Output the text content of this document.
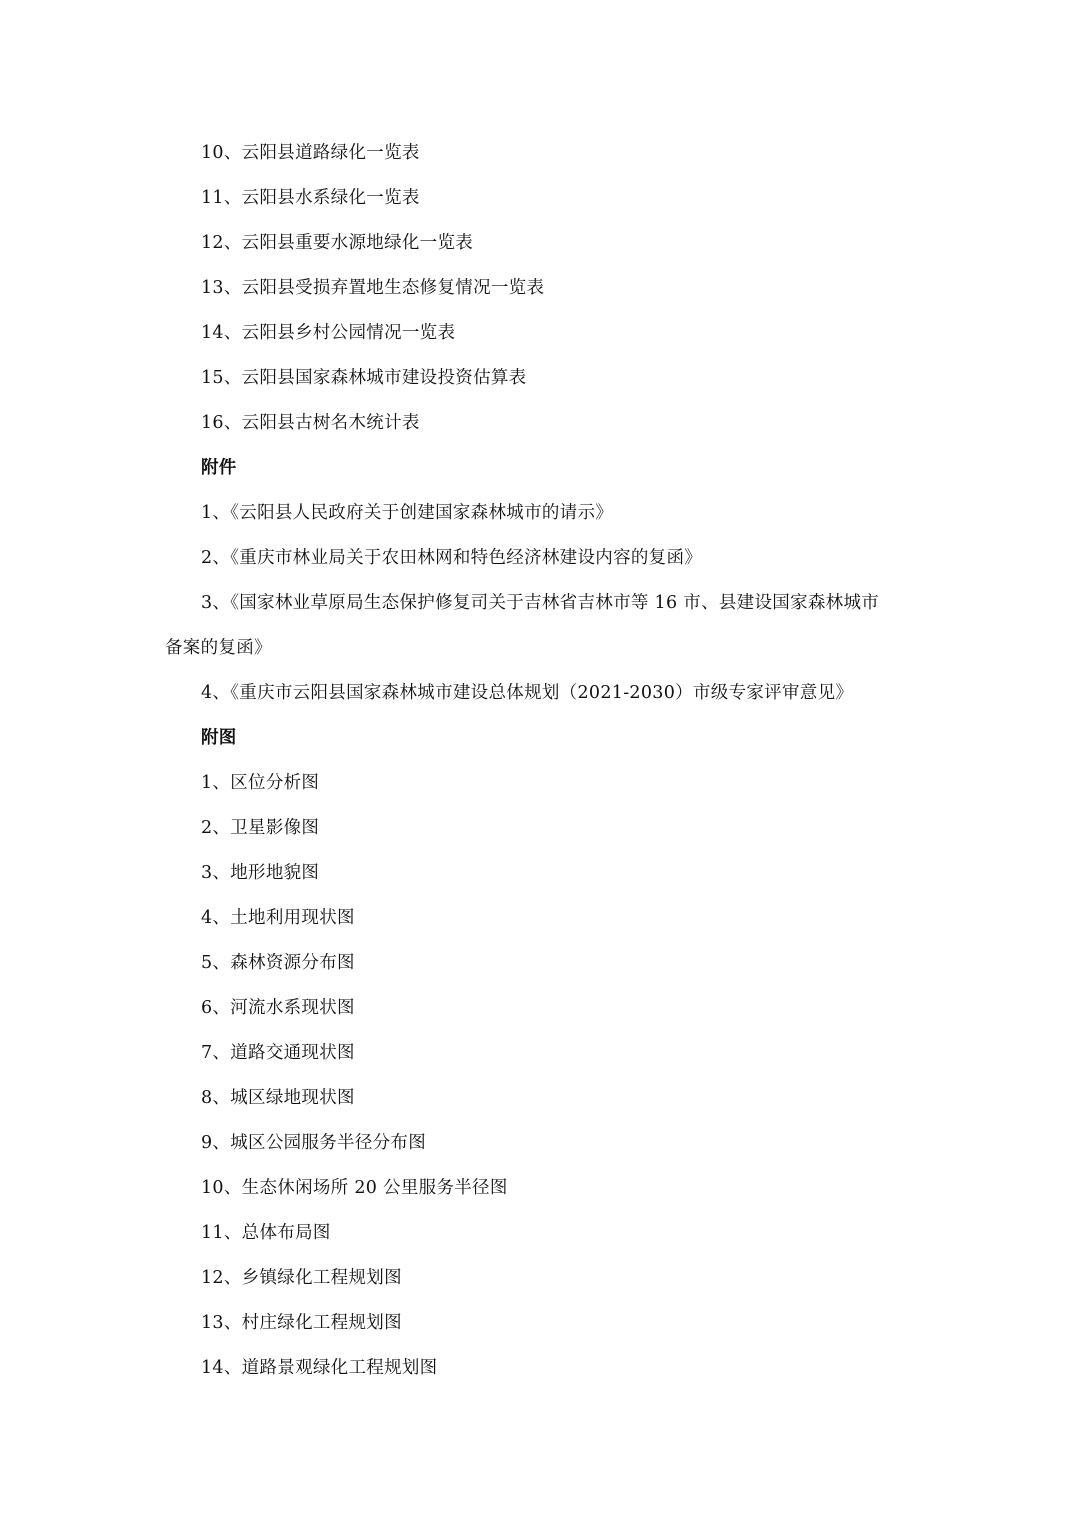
10、云阳县道路绿化一览表
11、云阳县水系绿化一览表
12、云阳县重要水源地绿化一览表
13、云阳县受损弃置地生态修复情况一览表
14、云阳县乡村公园情况一览表
15、云阳县国家森林城市建设投资估算表
16、云阳县古树名木统计表
附件
1、《云阳县人民政府关于创建国家森林城市的请示》
2、《重庆市林业局关于农田林网和特色经济林建设内容的复函》
3、《国家林业草原局生态保护修复司关于吉林省吉林市等 16 市、县建设国家森林城市
备案的复函》
4、《重庆市云阳县国家森林城市建设总体规划（2021-2030）市级专家评审意见》
附图
1、区位分析图
2、卫星影像图
3、地形地貌图
4、土地利用现状图
5、森林资源分布图
6、河流水系现状图
7、道路交通现状图
8、城区绿地现状图
9、城区公园服务半径分布图
10、生态休闲场所 20 公里服务半径图
11、总体布局图
12、乡镇绿化工程规划图
13、村庄绿化工程规划图
14、道路景观绿化工程规划图
